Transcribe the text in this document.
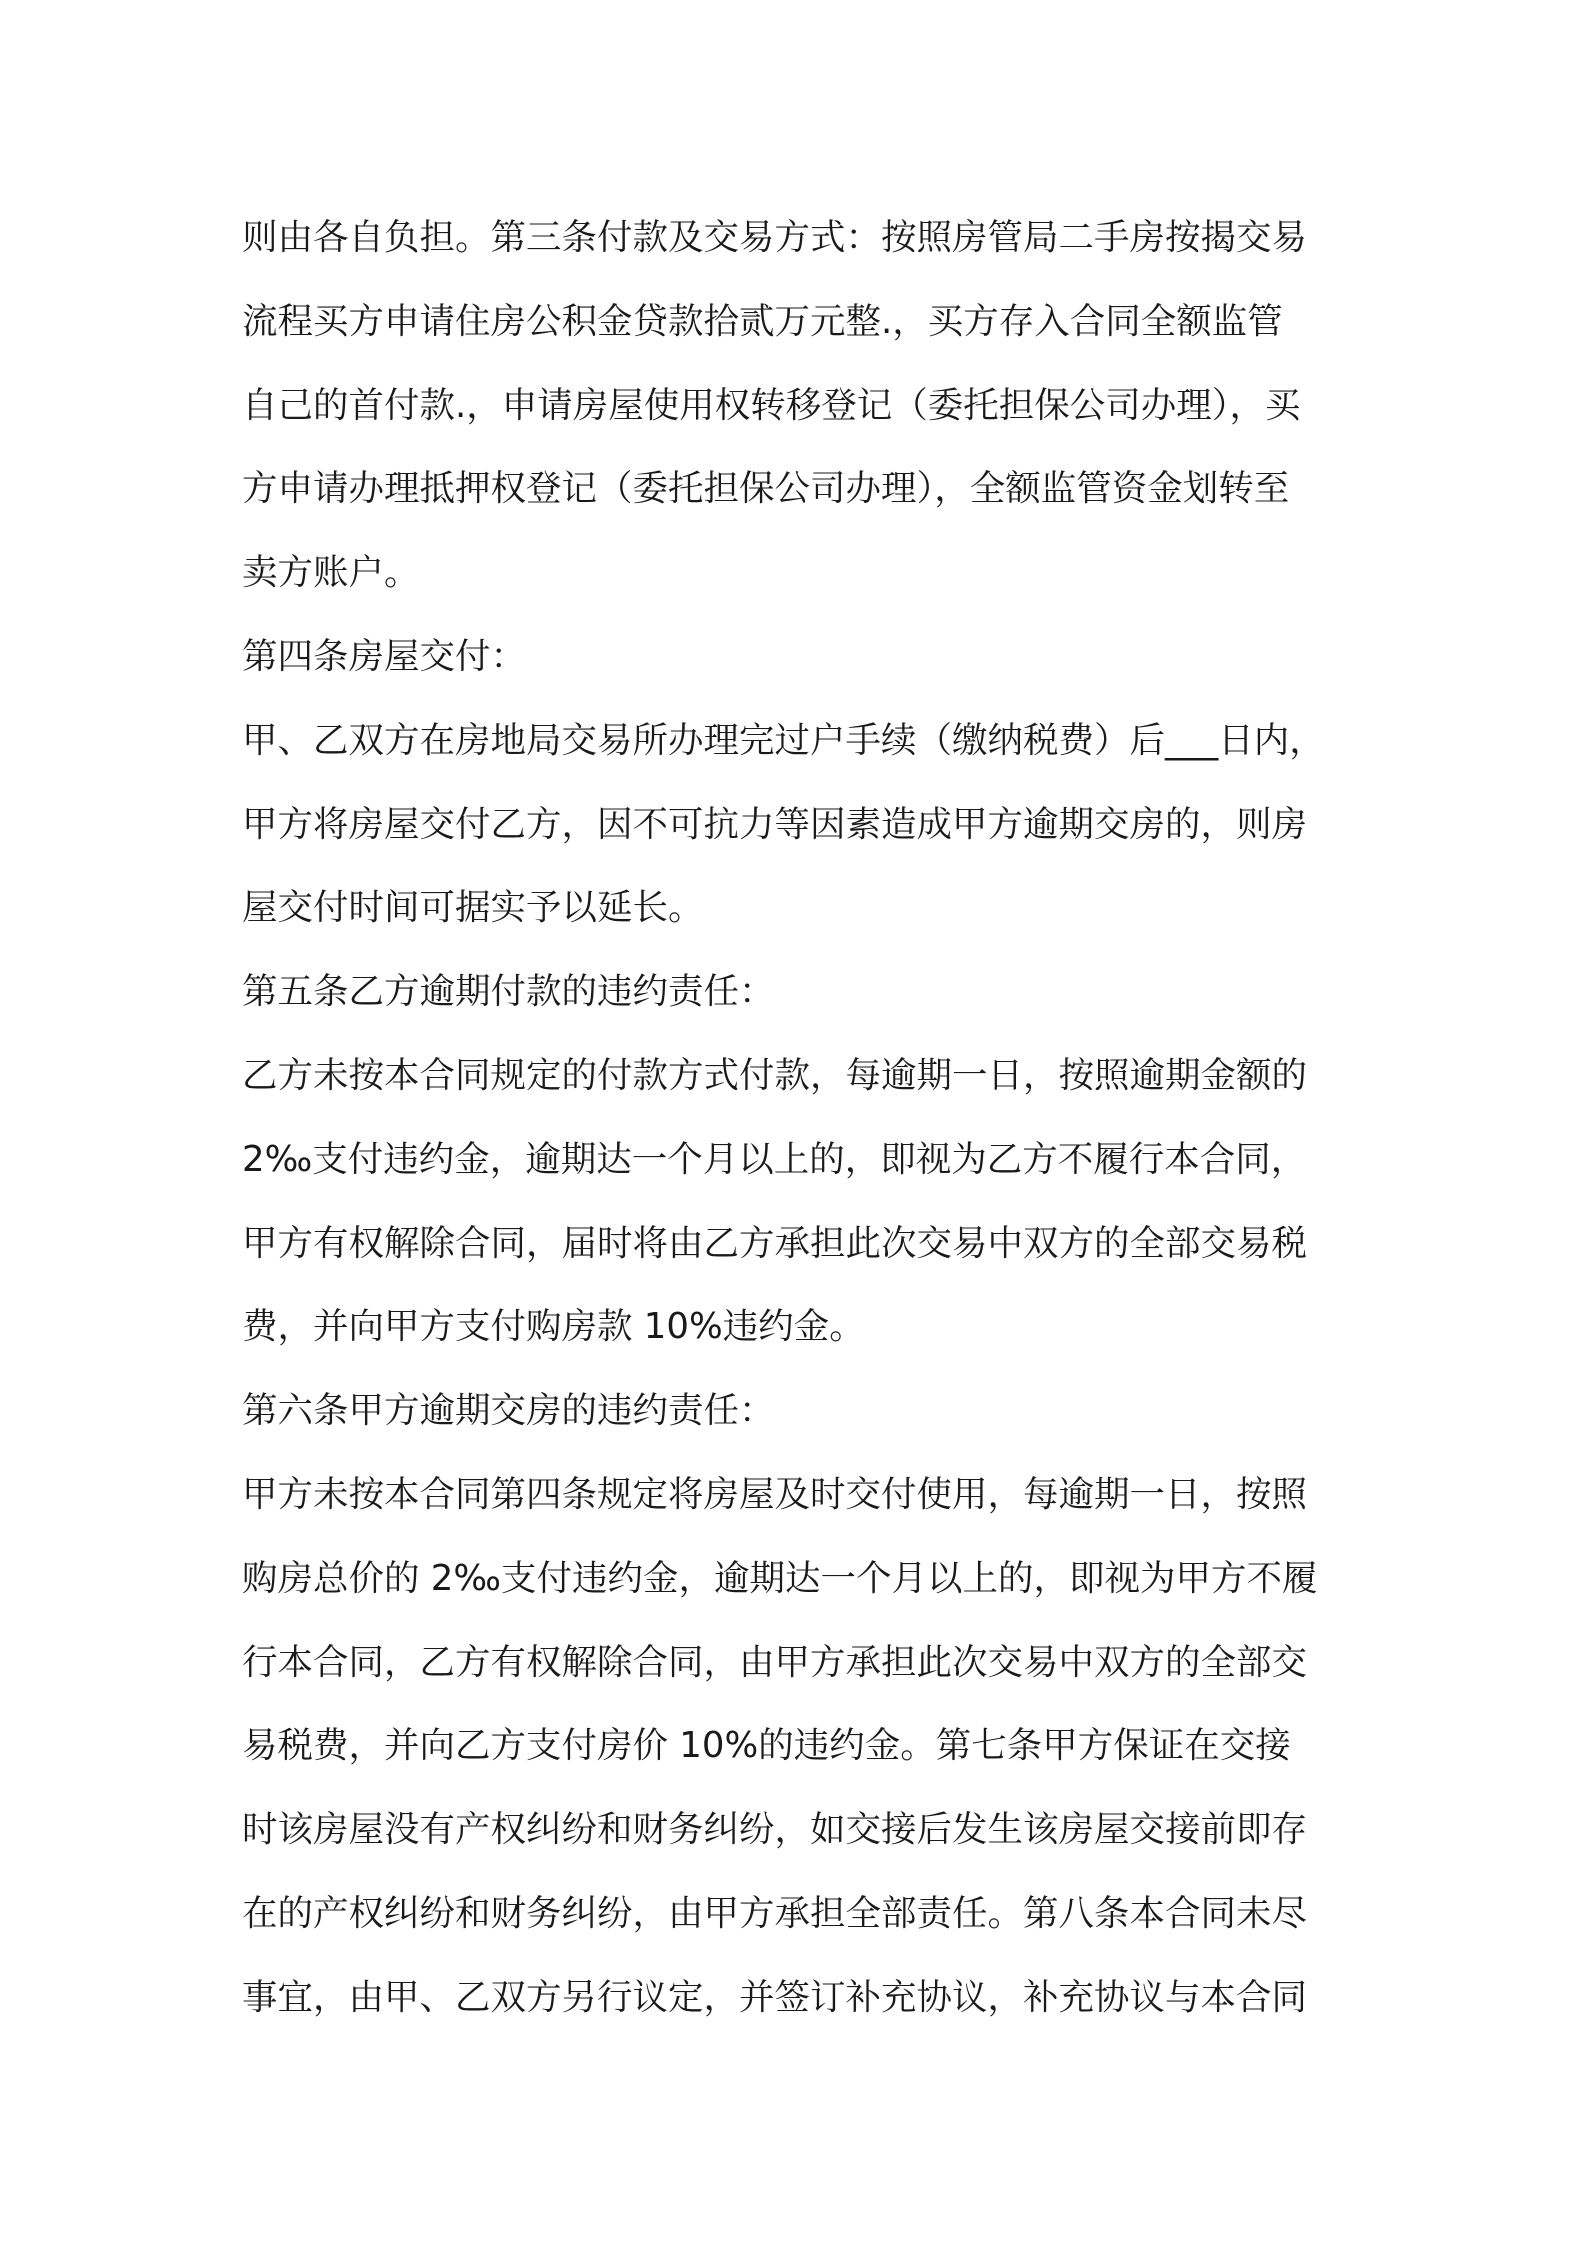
则由各自负担。第三条付款及交易方式：按照房管局二手房按揭交易
流程买方申请住房公积金贷款拾贰万元整.，买方存入合同全额监管
自己的首付款.，申请房屋使用权转移登记（委托担保公司办理），买
方申请办理抵押权登记（委托担保公司办理），全额监管资金划转至
卖方账户。
第四条房屋交付：
甲、乙双方在房地局交易所办理完过户手续（缴纳税费）后___日内，
甲方将房屋交付乙方，因不可抗力等因素造成甲方逾期交房的，则房
屋交付时间可据实予以延长。
第五条乙方逾期付款的违约责任：
乙方未按本合同规定的付款方式付款，每逾期一日，按照逾期金额的
2‰支付违约金，逾期达一个月以上的，即视为乙方不履行本合同，
甲方有权解除合同，届时将由乙方承担此次交易中双方的全部交易税
费，并向甲方支付购房款 10%违约金。
第六条甲方逾期交房的违约责任：
甲方未按本合同第四条规定将房屋及时交付使用，每逾期一日，按照
购房总价的 2‰支付违约金，逾期达一个月以上的，即视为甲方不履
行本合同，乙方有权解除合同，由甲方承担此次交易中双方的全部交
易税费，并向乙方支付房价 10%的违约金。第七条甲方保证在交接
时该房屋没有产权纠纷和财务纠纷，如交接后发生该房屋交接前即存
在的产权纠纷和财务纠纷，由甲方承担全部责任。第八条本合同未尽
事宜，由甲、乙双方另行议定，并签订补充协议，补充协议与本合同
